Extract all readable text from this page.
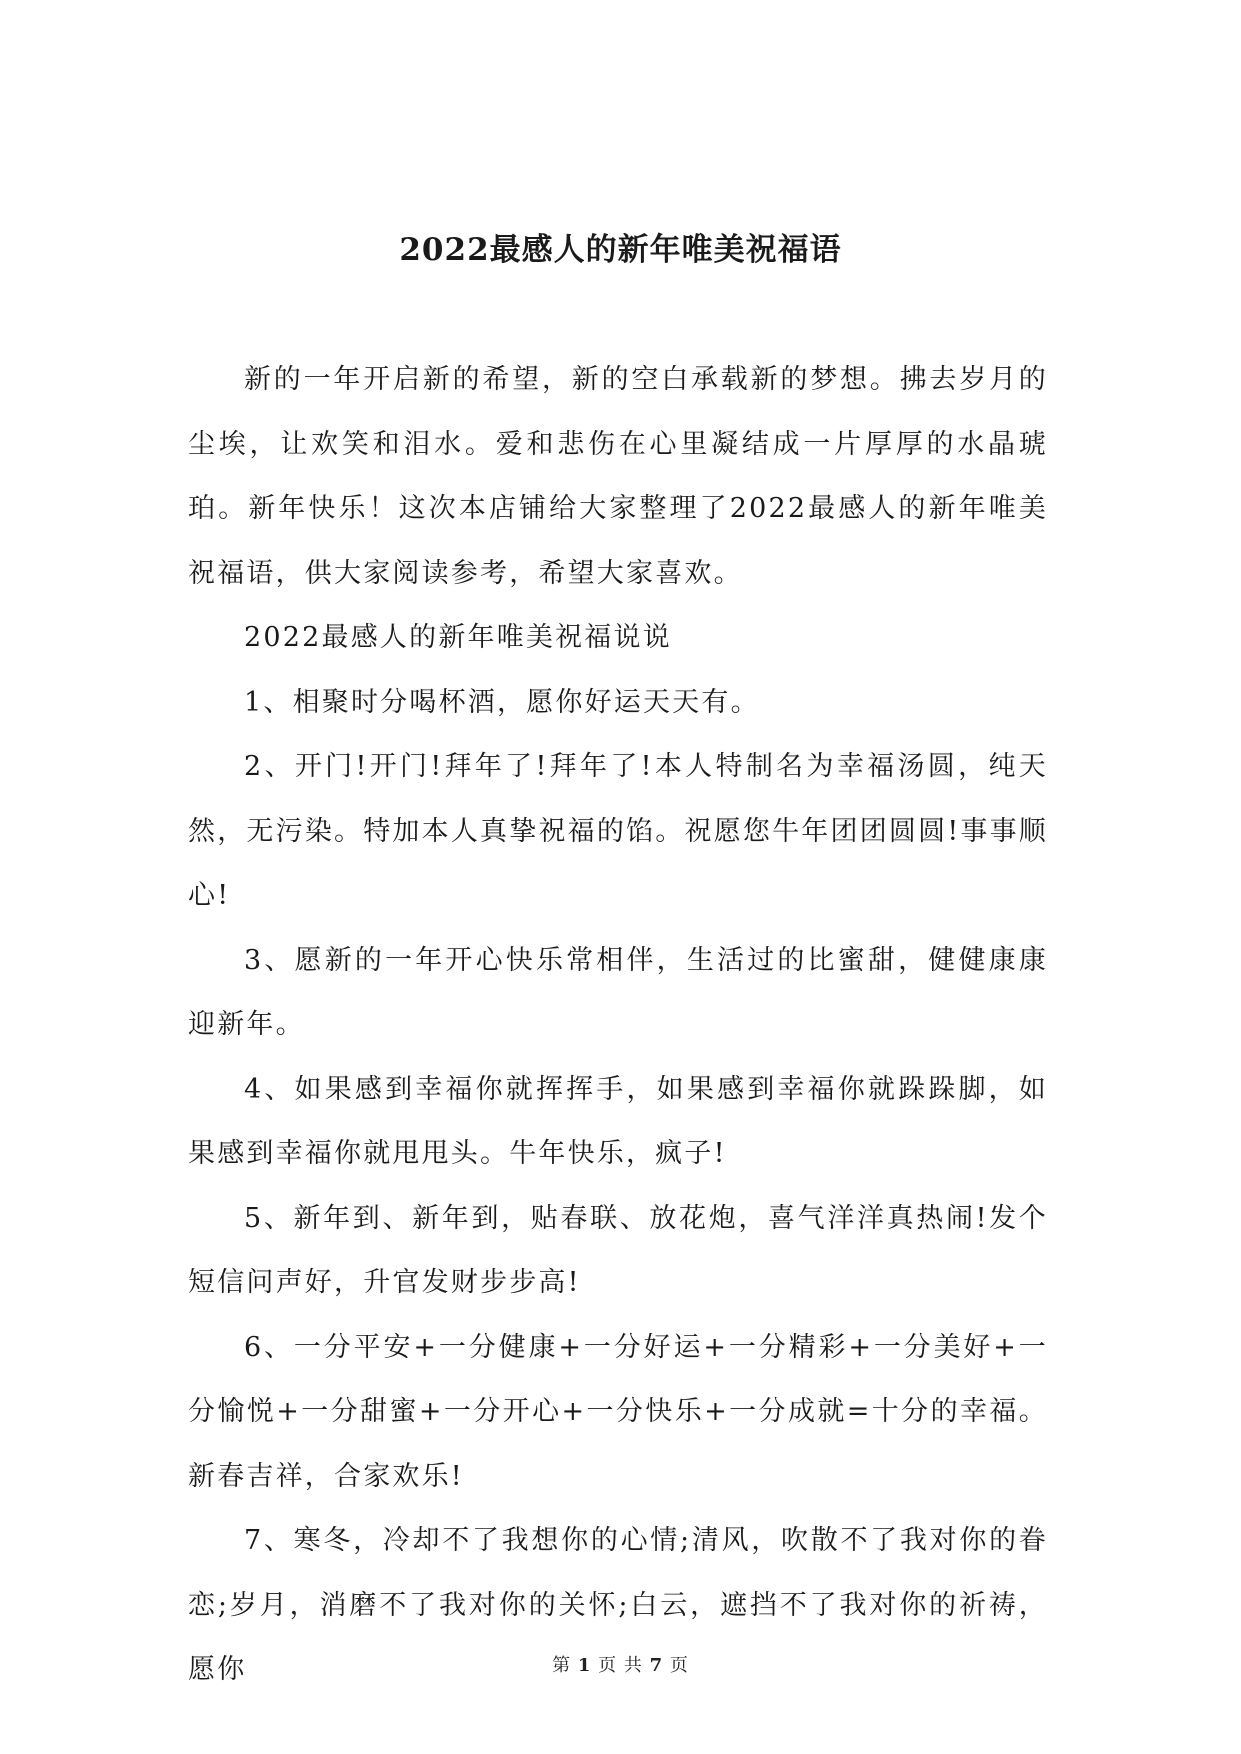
2022最感人的新年唯美祝福语

新的一年开启新的希望，新的空白承载新的梦想。拂去岁月的尘埃，让欢笑和泪水。爱和悲伤在心里凝结成一片厚厚的水晶琥珀。新年快乐！这次本店铺给大家整理了2022最感人的新年唯美祝福语，供大家阅读参考，希望大家喜欢。

2022最感人的新年唯美祝福说说

1、相聚时分喝杯酒，愿你好运天天有。

2、开门!开门!拜年了!拜年了!本人特制名为幸福汤圆，纯天然，无污染。特加本人真挚祝福的馅。祝愿您牛年团团圆圆!事事顺心!

3、愿新的一年开心快乐常相伴，生活过的比蜜甜，健健康康迎新年。

4、如果感到幸福你就挥挥手，如果感到幸福你就跺跺脚，如果感到幸福你就甩甩头。牛年快乐，疯子!

5、新年到、新年到，贴春联、放花炮，喜气洋洋真热闹!发个短信问声好，升官发财步步高!

6、一分平安+一分健康+一分好运+一分精彩+一分美好+一分愉悦+一分甜蜜+一分开心+一分快乐+一分成就=十分的幸福。新春吉祥，合家欢乐!

7、寒冬，冷却不了我想你的心情;清风，吹散不了我对你的眷恋;岁月，消磨不了我对你的关怀;白云，遮挡不了我对你的祈祷，愿你	第 1 页 共 7 页
